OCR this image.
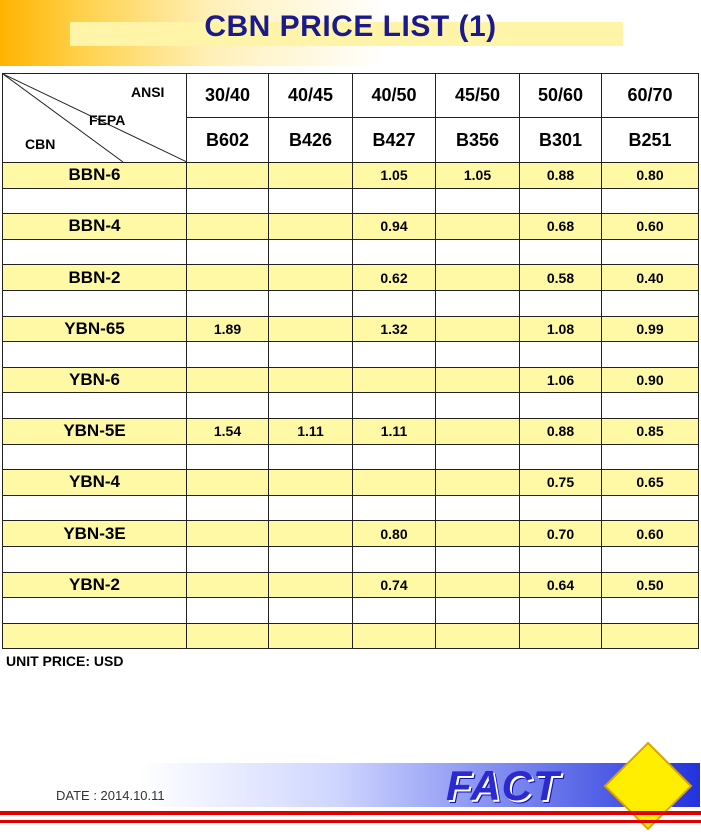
CBN PRICE LIST (1)
ANSI
FEPA
CBN	30/40	40/45	40/50	45/50	50/60	60/70
	B602	B426	B427	B356	B301	B251
BBN-6			1.05	1.05	0.88	0.80

BBN-4			0.94		0.68	0.60

BBN-2			0.62		0.58	0.40

YBN-65	1.89		1.32		1.08	0.99

YBN-6					1.06	0.90

YBN-5E	1.54	1.11	1.11		0.88	0.85

YBN-4					0.75	0.65

YBN-3E			0.80		0.70	0.60

YBN-2			0.74		0.64	0.50

UNIT PRICE: USD
DATE : 2014.10.11	FACT
